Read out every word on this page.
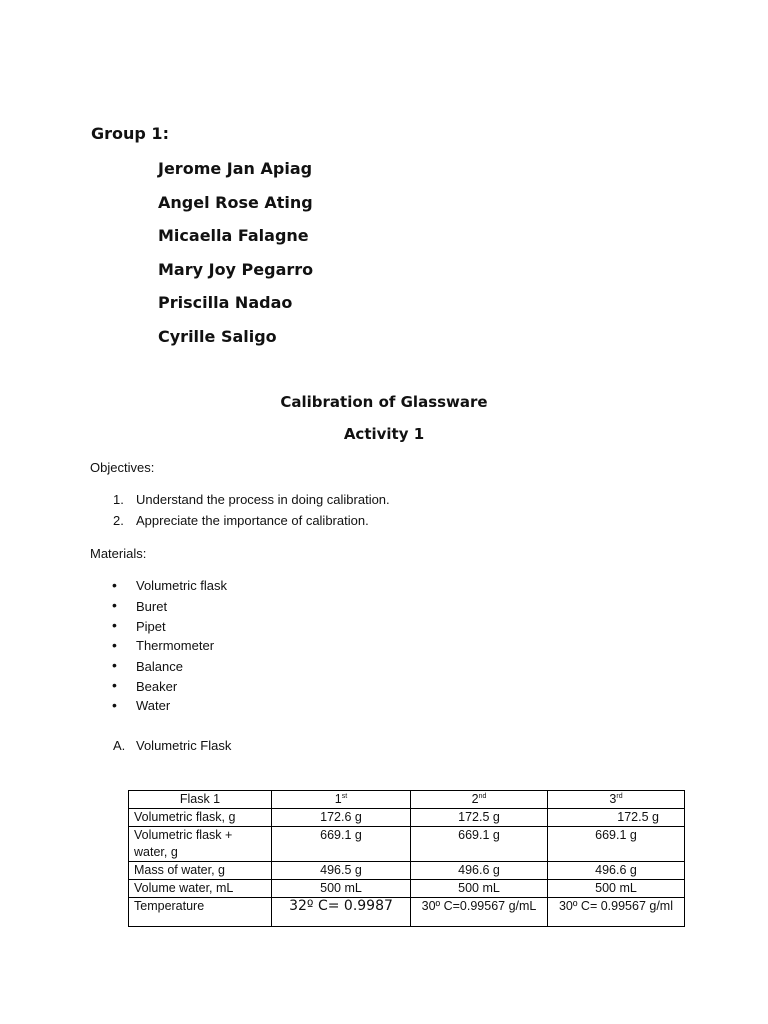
Group 1:
Jerome Jan Apiag
Angel Rose Ating
Micaella Falagne
Mary Joy Pegarro
Priscilla Nadao
Cyrille Saligo
Calibration of Glassware
Activity 1
Objectives:
1. Understand the process in doing calibration.
2. Appreciate the importance of calibration.
Materials:
• Volumetric flask
• Buret
• Pipet
• Thermometer
• Balance
• Beaker
• Water
A. Volumetric Flask
Flask 1	1st	2nd	3rd
Volumetric flask, g	172.6 g	172.5 g	172.5 g
Volumetric flask + water, g	669.1 g	669.1 g	669.1 g
Mass of water, g	496.5 g	496.6 g	496.6 g
Volume water, mL	500 mL	500 mL	500 mL
Temperature	32º C= 0.9987	30º C=0.99567 g/mL	30º C= 0.99567 g/ml
